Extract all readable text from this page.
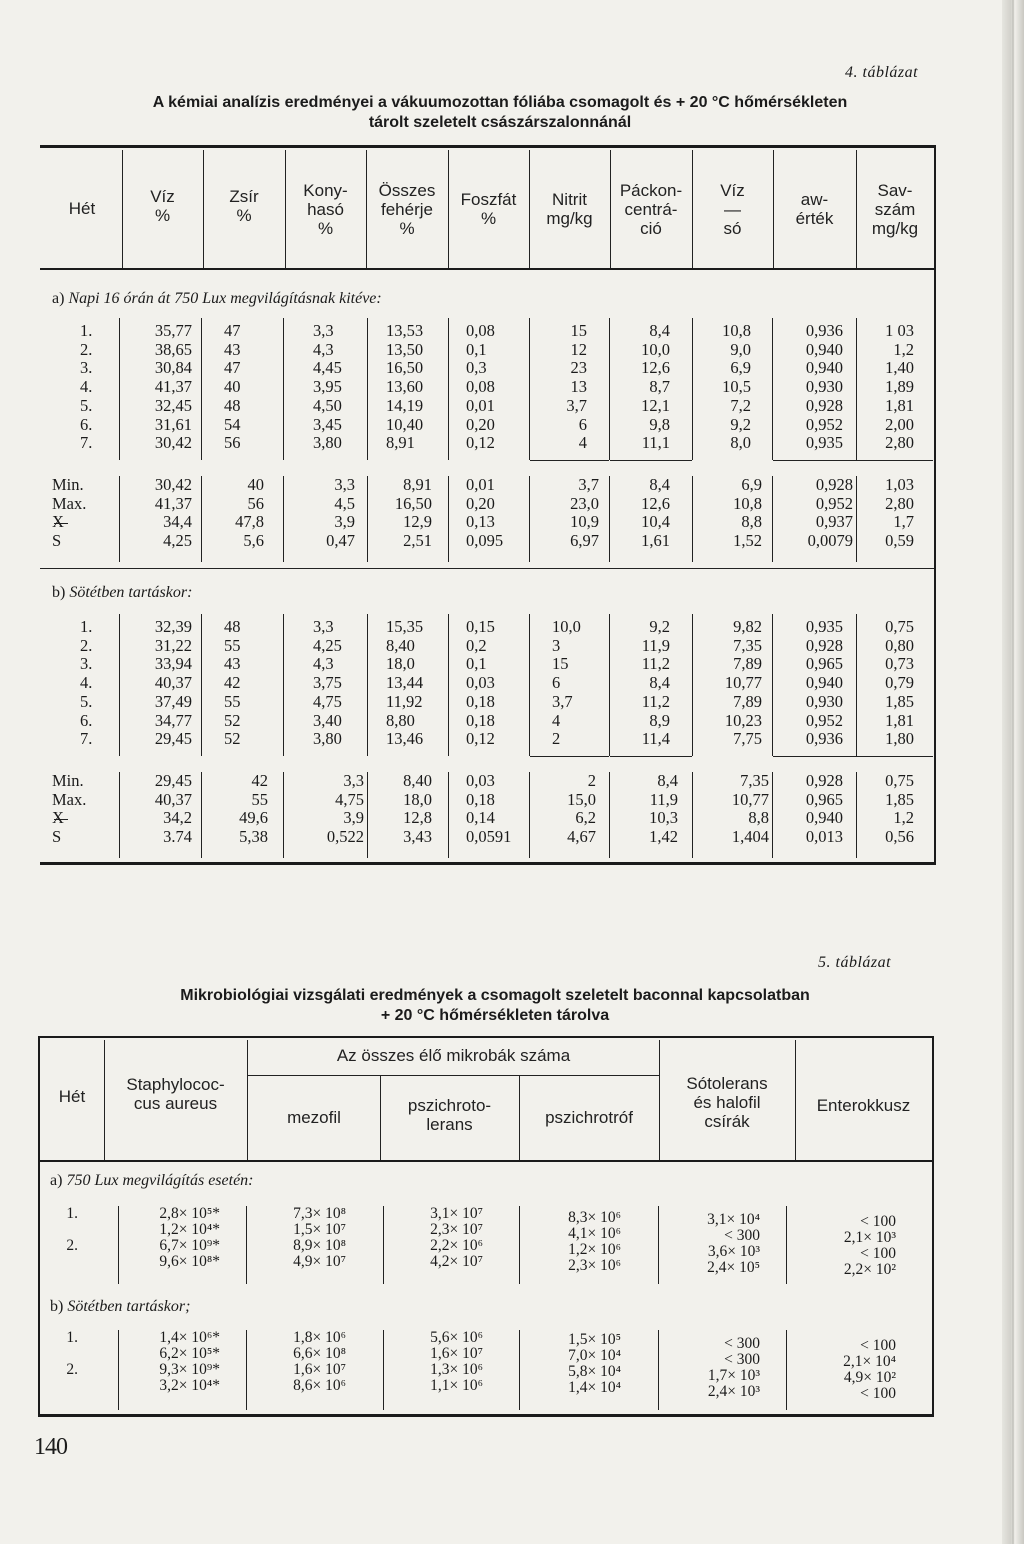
4. táblázat
A kémiai analízis eredményei a vákuumozottan fóliába csomagolt és + 20 °C hőmérsékleten
tárolt szeletelt császárszalonnánál
Hét
Víz
%
Zsír
%
Kony-
hasó
%
Összes
fehérje
%
Foszfát
%
Nitrit
mg/kg
Páckon-
centrá-
ció
Víz
—
só
aw-
érték
Sav-
szám
mg/kg
a) Napi 16 órán át 750 Lux megvilágításnak kitéve:
1.
2.
3.
4.
5.
6.
7.
35,77
38,65
30,84
41,37
32,45
31,61
30,42
47
43
47
40
48
54
56
3,3
4,3
4,45
3,95
4,50
3,45
3,80
13,53
13,50
16,50
13,60
14,19
10,40
8,91
0,08
0,1
0,3
0,08
0,01
0,20
0,12
15
12
23
13
3,7
6
4
8,4
10,0
12,6
8,7
12,1
9,8
11,1
10,8
9,0
6,9
10,5
7,2
9,2
8,0
0,936
0,940
0,940
0,930
0,928
0,952
0,935
1 03
1,2
1,40
1,89
1,81
2,00
2,80
Min.
Max.
X
S
30,42
41,37
34,4
4,25
40
56
47,8
5,6
3,3
4,5
3,9
0,47
8,91
16,50
12,9
2,51
0,01
0,20
0,13
0,095
3,7
23,0
10,9
6,97
8,4
12,6
10,4
1,61
6,9
10,8
8,8
1,52
0,928
0,952
0,937
0,0079
1,03
2,80
1,7
0,59
b) Sötétben tartáskor:
1.
2.
3.
4.
5.
6.
7.
32,39
31,22
33,94
40,37
37,49
34,77
29,45
48
55
43
42
55
52
52
3,3
4,25
4,3
3,75
4,75
3,40
3,80
15,35
8,40
18,0
13,44
11,92
8,80
13,46
0,15
0,2
0,1
0,03
0,18
0,18
0,12
10,0
3
15
6
3,7
4
2
9,2
11,9
11,2
8,4
11,2
8,9
11,4
9,82
7,35
7,89
10,77
7,89
10,23
7,75
0,935
0,928
0,965
0,940
0,930
0,952
0,936
0,75
0,80
0,73
0,79
1,85
1,81
1,80
Min.
Max.
X
S
29,45
40,37
34,2
3.74
42
55
49,6
5,38
3,3
4,75
3,9
0,522
8,40
18,0
12,8
3,43
0,03
0,18
0,14
0,0591
2
15,0
6,2
4,67
8,4
11,9
10,3
1,42
7,35
10,77
8,8
1,404
0,928
0,965
0,940
0,013
0,75
1,85
1,2
0,56
5. táblázat
Mikrobiológiai vizsgálati eredmények a csomagolt szeletelt baconnal kapcsolatban
+ 20 °C hőmérsékleten tárolva
Hét
Staphylococ-
cus aureus
Az összes élő mikrobák száma
mezofil
pszichroto-
lerans	pszichrotróf
Sótolerans
és halofil
csírák
Enterokkusz
a) 750 Lux megvilágítás esetén:
1.

2.
2,8× 10⁵*
1,2× 10⁴*
6,7× 10⁹*
9,6× 10⁸*
7,3× 10⁸
1,5× 10⁷
8,9× 10⁸
4,9× 10⁷
3,1× 10⁷
2,3× 10⁷
2,2× 10⁶
4,2× 10⁷
8,3× 10⁶
4,1× 10⁶
1,2× 10⁶
2,3× 10⁶
3,1× 10⁴
< 300
3,6× 10³
2,4× 10⁵
< 100
2,1× 10³
< 100
2,2× 10²
b) Sötétben tartáskor;
1.

2.
1,4× 10⁶*
6,2× 10⁵*
9,3× 10⁹*
3,2× 10⁴*
1,8× 10⁶
6,6× 10⁸
1,6× 10⁷
8,6× 10⁶
5,6× 10⁶
1,6× 10⁷
1,3× 10⁶
1,1× 10⁶
1,5× 10⁵
7,0× 10⁴
5,8× 10⁴
1,4× 10⁴
< 300
< 300
1,7× 10³
2,4× 10³
< 100
2,1× 10⁴
4,9× 10²
< 100
140
